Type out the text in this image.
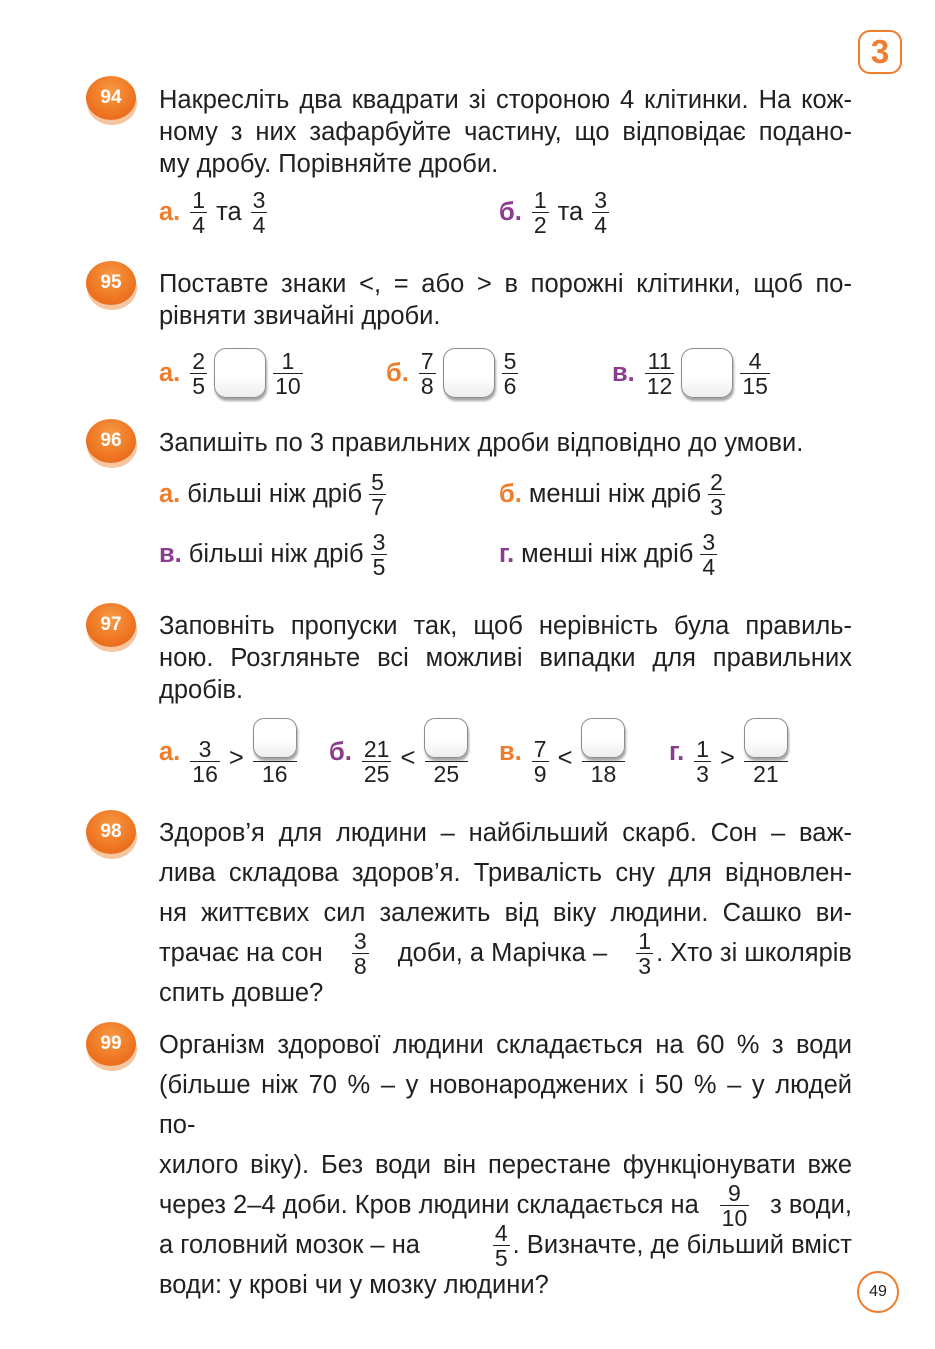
3
94	Накресліть два квадрати зі стороною 4 клітинки. На кож-
ному з них зафарбуйте частину, що відповідає подано-
му дробу. Порівняйте дроби.
а. $\frac{1}{4}$ та $\frac{3}{4}$	б. $\frac{1}{2}$ та $\frac{3}{4}$
95	Поставте знаки <, = або > в порожні клітинки, щоб по-
рівняти звичайні дроби.
а. $\frac{2}{5}$	$\frac{1}{10}$	б. $\frac{7}{8}$	$\frac{5}{6}$	в. $\frac{11}{12}$	$\frac{4}{15}$
96	Запишіть по 3 правильних дроби відповідно до умови.
а. більші ніж дріб $\frac{5}{7}$	б. менші ніж дріб $\frac{2}{3}$
в. більші ніж дріб $\frac{3}{5}$	г. менші ніж дріб $\frac{3}{4}$
97	Заповніть пропуски так, щоб нерівність була правиль-
ною. Розгляньте всі можливі випадки для правильних
дробів.
а. $\frac{3}{16}$ >
16
б. $\frac{21}{25}$ <
25
в. $\frac{7}{9}$ <
18
г. $\frac{1}{3}$ >
21
98	Здоров’я для людини – найбільший скарб. Сон – важ-
лива складова здоров’я. Тривалість сну для відновлен-
ня життєвих сил залежить від віку людини. Сашко ви-
трачає на сон $\frac{3}{8}$ доби, а Марічка – $\frac{1}{3}$ . Хто зі школярів
спить довше?
99	Організм здорової людини складається на 60 % з води
(більше ніж 70 % – у новонароджених і 50 % – у людей по-
хилого віку). Без води він перестане функціонувати вже
через 2–4 доби. Кров людини складається на $\frac{9}{10}$ з води,
а головний мозок – на	$\frac{4}{5}$ . Визначте, де більший вміст
води: у крові чи у мозку людини?	49
